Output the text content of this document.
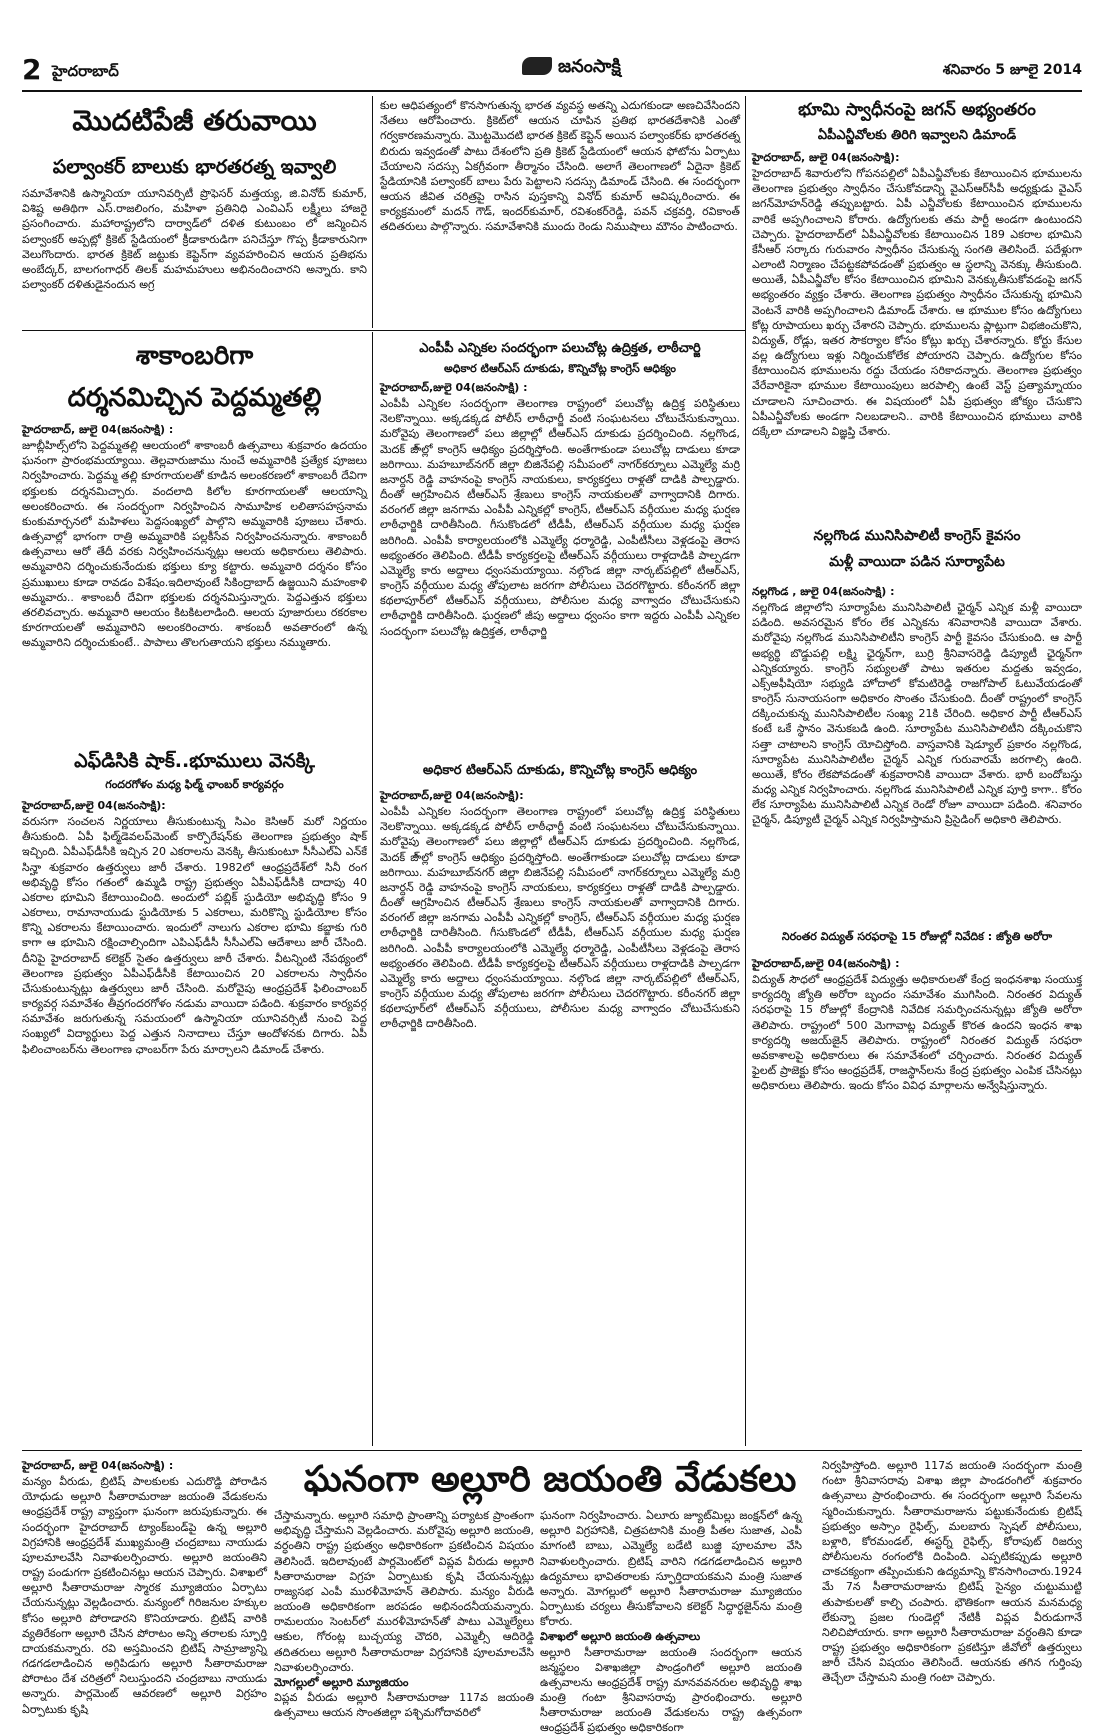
2 హైదరాబాద్	జనంసాక్షి	శనివారం 5 జూలై 2014
మొదటిపేజీ తరువాయి
పల్వాంకర్ బాలుకు భారతరత్న ఇవ్వాలి

సమావేశానికి ఉస్మానియా యూనివర్సిటీ ప్రొఫెసర్ మత్తయ్య, జి.వినోద్ కుమార్, విశిష్ట అతిథిగా ఎస్.రాజలింగం, మహిళా ప్రతినిధి ఎంవిఎస్ లక్ష్మీలు హాజరై ప్రసంగించారు. మహారాష్ట్రలోని దార్వాడ్‌లో దళిత కుటుంబం లో జన్మించిన పల్వాంకర్ అప్పట్లో క్రికెట్ స్టేడియంలో క్రీడాకారుడిగా పనిచేస్తూ గొప్ప క్రీడాకారునిగా వెలుగొందారు. భారత క్రికెట్ జట్టుకు కెప్టెన్‌గా వ్యవహరించిన ఆయన ప్రతిభను అంబేద్కర్, బాలగంగాధర్ తిలక్ మహమహులు అభినందించారని అన్నారు. కాని పల్వాంకర్ దళితుడైనందున అగ్ర

కుల ఆధిపత్యంలో కొనసాగుతున్న భారత వ్యవస్థ అతన్ని ఎదుగకుండా అణచివేసిందని నేతలు ఆరోపించారు. క్రికెట్‌లో ఆయన చూపిన ప్రతిభ భారతదేశానికి ఎంతో గర్వకారణమన్నారు. మొట్టమొదటి భారత క్రికెట్ కెప్టెన్ అయిన పల్వాంకర్‌కు భారతరత్న బిరుదు ఇవ్వడంతో పాటు దేశంలోని ప్రతి క్రికెట్ స్టేడియంలో ఆయన ఫోటోను ఏర్పాటు చేయాలని సదస్సు ఏకగ్రీవంగా తీర్మానం చేసింది. అలాగే తెలంగాణలో ఏదైనా క్రికెట్ స్టేడియానికి పల్వాంకర్ బాలు పేరు పెట్టాలని సదస్సు డిమాండ్ చేసింది. ఈ సందర్భంగా ఆయన జీవిత చరిత్రపై రాసిన పుస్తకాన్ని వినోద్ కుమార్ ఆవిష్కరించారు. ఈ కార్యక్రమంలో మదన్ గౌడ్, ఇందర్‌కుమార్, రవిశంకర్‌రెడ్డి, పవన్ చక్రవర్తి, రవికాంత్ తదితరులు పాల్గొన్నారు. సమావేశానికి ముందు రెండు నిముషాలు మౌనం పాటించారు.

భూమి స్వాధీనంపై జగన్ అభ్యంతరం
ఏపీఎన్జీవోలకు తిరిగి ఇవ్వాలని డిమాండ్
హైదరాబాద్, జులై 04(జనంసాక్షి):

హైదరాబాద్ శివారులోని గోపనపల్లిలో ఏపీఎన్జీవోలకు కేటాయించిన భూములను తెలంగాణ ప్రభుత్వం స్వాధీనం చేసుకోవడాన్ని వైఎస్ఆర్‌సీపీ అధ్యక్షుడు వైఎస్ జగన్‌మోహన్‌రెడ్డి తప్పుబట్టారు. ఏపీ ఎన్జీవోలకు కేటాయించిన భూములను వారికే అప్పగించాలని కోరారు. ఉద్యోగులకు తమ పార్టీ అండగా ఉంటుందని చెప్పారు. హైదరాబాద్‌లో ఏపీఎన్జీవోలకు కేటాయించిన 189 ఎకరాల భూమిని కేసీఆర్ సర్కారు గురువారం స్వాధీనం చేసుకున్న సంగతి తెలిసిందే. పదేళ్లుగా ఎలాంటి నిర్మాణం చేపట్టకపోవడంతో ప్రభుత్వం ఆ స్థలాన్ని వెనక్కు తీసుకుంది. అయితే, ఏపీఎన్జీవోల కోసం కేటాయించిన భూమిని వెనక్కుతీసుకోవడంపై జగన్ అభ్యంతరం వ్యక్తం చేశారు. తెలంగాణ ప్రభుత్వం స్వాధీనం చేసుకున్న భూమిని వెంటనే వారికి అప్పగించాలని డిమాండ్ చేశారు. ఆ భూముల కోసం ఉద్యోగులు కోట్ల రూపాయలు ఖర్చు చేశారని చెప్పారు. భూములను ప్లాట్లుగా విభజించుకొని, విద్యుత్, రోడ్లు, ఇతర సౌకర్యాల కోసం కోట్లు ఖర్చు చేశారన్నారు. కోర్టు కేసుల వల్ల ఉద్యోగులు ఇళ్లు నిర్మించుకోలేక పోయారని చెప్పారు. ఉద్యోగుల కోసం కేటాయించిన భూములను రద్దు చేయడం సరికాదన్నారు. తెలంగాణ ప్రభుత్వం వేరేవారికైనా భూముల కేటాయింపులు జరపాల్సి ఉంటే వెస్ట్ ప్రత్యామ్నాయం చూడాలని సూచించారు. ఈ విషయంలో ఏపీ ప్రభుత్వం జోక్యం చేసుకొని ఏపీఎన్జీవోలకు అండగా నిలబడాలని.. వారికి కేటాయించిన భూములు వారికి దక్కేలా చూడాలని విజ్ఞప్తి చేశారు.

శాకాంబరిగా
దర్శనమిచ్చిన పెద్దమ్మతల్లి
హైదరాబాద్, జులై 04(జనంసాక్షి) :

జూబ్లీహిల్స్‌లోని పెద్దమ్మతల్లి ఆలయంలో శాకాంబరీ ఉత్సవాలు శుక్రవారం ఉదయం ఘనంగా ప్రారంభమయ్యాయి. తెల్లవారుజాము నుంచే అమ్మవారికి ప్రత్యేక పూజలు నిర్వహించారు. పెద్దమ్మ తల్లి కూరగాయలతో కూడిన అలంకరణలో శాకాంబరీ దేవిగా భక్తులకు దర్శనమిచ్చారు. వందలాది కిలోల కూరగాయలతో ఆలయాన్ని అలంకరించారు. ఈ సందర్భంగా నిర్వహించిన సామూహిక లలితాసహస్రనామ కుంకుమార్చనలో మహిళలు పెద్దసంఖ్యలో పాల్గొని అమ్మవారికి పూజలు చేశారు. ఉత్సవాల్లో భాగంగా రాత్రి అమ్మవారికి పల్లకీసేవ నిర్వహించనున్నారు. శాకాంబరీ ఉత్సవాలు ఆరో తేదీ వరకు నిర్వహించనున్నట్లు ఆలయ అధికారులు తెలిపారు. అమ్మవారిని దర్శించుకునేందుకు భక్తులు క్యూ కట్టారు. అమ్మవారి దర్శనం కోసం ప్రముఖులు కూడా రావడం విశేషం.ఇదిలావుంటే సికింద్రాబాద్ ఉజ్జయిని మహంకాళి అమ్మవారు.. శాకాంబరీ దేవిగా భక్తులకు దర్శనమిస్తున్నారు. పెద్దఎత్తున భక్తులు తరలివచ్చారు. అమ్మవారి ఆలయం కిటకిటలాడింది. ఆలయ పూజారులు రకరకాల కూరగాయలతో అమ్మవారిని అలంకరించారు. శాకంబరీ అవతారంలో ఉన్న అమ్మవారిని దర్శించుకుంటే.. పాపాలు తొలగుతాయని భక్తులు నమ్ముతారు.

ఎంపీపీ ఎన్నికల సందర్భంగా పలుచోట్ల ఉద్రిక్తత, లాఠీచార్జి
అధికార టిఆర్ఎస్ దూకుడు, కొన్నిచోట్ల కాంగ్రెస్ ఆధిక్యం
హైదరాబాద్,జులై 04(జనంసాక్షి) :

ఎంపీపీ ఎన్నికల సందర్భంగా తెలంగాణ రాష్ట్రంలో పలుచోట్ల ఉద్రిక్త పరిస్థితులు నెలకొన్నాయి. అక్కడక్కడ పోలీస్ లాఠీఛార్జీ వంటి సంఘటనలు చోటుచేసుకున్నాయి. మరోవైపు తెలంగాణలో పలు జిల్లాల్లో టీఆర్ఎస్ దూకుడు ప్రదర్శించింది. నల్లగొండ, మెదక్ జి్‌ాల్లో కాంగ్రెస్ ఆధిక్యం ప్రదర్శిస్తోంది. అంతేగాకుండా పలుచోట్ల దాడులు కూడా జరిగాయి. మహబూబ్‌నగర్ జిల్లా బిజినేపల్లి సమీపంలో నాగర్‌కర్నూలు ఎమ్మెల్యే మర్రి జనార్దన్ రెడ్డి వాహనంపై కాంగ్రెస్ నాయకులు, కార్యకర్తలు రాళ్లతో దాడికి పాల్పడ్డారు. దీంతో ఆగ్రహించిన టీఆర్ఎస్ శ్రేణులు కాంగ్రెస్ నాయకులతో వాగ్వాదానికి దిగారు. వరంగల్ జిల్లా జనగామ ఎంపీపీ ఎన్నికల్లో కాంగ్రెస్, టీఆర్ఎస్ వర్గీయుల మధ్య ఘర్షణ లాఠీఛార్జికి దారితీసింది. గీసుకొండలో టీడీపీ, టీఆర్ఎస్ వర్గీయుల మధ్య ఘర్షణ జరిగింది. ఎంపీపీ కార్యాలయంలోకి ఎమ్మెల్యే ధర్మారెడ్డి, ఎంపీటీసీలు వెళ్లడంపై తెరాస అభ్యంతరం తెలిపింది. టీడీపీ కార్యకర్తలపై టీఆర్ఎస్ వర్గీయులు రాళ్లదాడికి పాల్పడగా ఎమ్మెల్యే కారు అద్దాలు ధ్వంసమయ్యాయి. నల్గొండ జిల్లా నార్కట్‌పల్లిలో టీఆర్ఎస్, కాంగ్రెస్ వర్గీయుల మధ్య తోపులాట జరగగా పోలీసులు చెదరగొట్టారు. కరీంనగర్ జిల్లా కథలాపూర్‌లో టీఆర్ఎస్ వర్గీయులు, పోలీసుల మధ్య వాగ్వాదం చోటుచేసుకుని లాఠీఛార్జికి దారితీసింది. ఘర్షణలో జీపు అద్దాలు ధ్వంసం కాగా ఇద్దరు ఎంపీపీ ఎన్నికల సందర్భంగా పలుచోట్ల ఉద్రిక్తత, లాఠీఛార్జి

ఎఫ్‌డిసికి షాక్..భూములు వెనక్కి
గందరగోళం మధ్య ఫిల్మ్ ఛాంబర్ కార్యవర్గం
హైదరాబాద్,జులై 04(జనంసాక్షి):

వరుసగా సంచలన నిర్ణయాలు తీసుకుంటున్న సిఎం కెసిఆర్ మరో నిర్ణయం తీసుకుంది. ఏపీ ఫిల్మ్‌డెవలప్‌మెంట్ కార్పొరేషన్‌కు తెలంగాణ ప్రభుత్వం షాక్ ఇచ్చింది. ఏపీఎఫ్‌డీసీకి ఇచ్చిన 20 ఎకరాలను వెనక్కి తీసుకుంటూ సీసీఎల్ఏ ఎన్‌కే సిన్హా శుక్రవారం ఉత్తర్వులు జారీ చేశారు. 1982లో ఆంధ్రప్రదేశ్‌లో సినీ రంగ అభివృద్ధి కోసం గతంలో ఉమ్మడి రాష్ట్ర ప్రభుత్వం ఏపీఎఫ్‌డీసీకి దాదాపు 40 ఎకరాల భూమిని కేటాయించింది. అందులో పబ్లిక్ స్టుడియో అభివృద్ధి కోసం 9 ఎకరాలు, రామానాయుడు స్టుడియోకు 5 ఎకరాలు, మరికొన్ని స్టుడియోల కోసం కొన్ని ఎకరాలను కేటాయించారు. ఇందులో నాలుగు ఎకరాల భూమి కబ్జాకు గురి కాగా ఆ భూమిని రక్షించాల్సిందిగా ఎపిఎఫ్‌డీసీ సీసీఎల్ఏ ఆదేశాలు జారీ చేసింది. దీనిపై హైదరాబాద్ కలెక్టర్ సైతం ఉత్తర్వులు జారీ చేశారు. వీటన్నింటి నేపథ్యంలో తెలంగాణ ప్రభుత్వం ఏపీఎఫ్‌డీసీకి కేటాయించిన 20 ఎకరాలను స్వాధీనం చేసుకుంటున్నట్లు ఉత్తర్వులు జారీ చేసింది. మరోవైపు ఆంధ్రప్రదేశ్ ఫిలించాంబర్ కార్యవర్గ సమావేశం తీవ్రగందరగోళం నడుమ వాయిదా పడింది. శుక్రవారం కార్యవర్గ సమావేశం జరుగుతున్న సమయంలో ఉస్మానియా యూనివర్సిటీ నుంచి పెద్ద సంఖ్యలో విద్యార్థులు పెద్ద ఎత్తున నినాదాలు చేస్తూ ఆందోళనకు దిగారు. ఏపీ ఫిలించాంబర్‌ను తెలంగాణ ఛాంబర్‌గా పేరు మార్చాలని డిమాండ్ చేశారు.

అధికార టిఆర్ఎస్ దూకుడు, కొన్నిచోట్ల కాంగ్రెస్ ఆధిక్యం
హైదరాబాద్,జులై 04(జనంసాక్షి):

ఎంపీపీ ఎన్నికల సందర్భంగా తెలంగాణ రాష్ట్రంలో పలుచోట్ల ఉద్రిక్త పరిస్థితులు నెలకొన్నాయి. అక్కడక్కడ పోలీస్ లాఠీఛార్జీ వంటి సంఘటనలు చోటుచేసుకున్నాయి. మరోవైపు తెలంగాణలో పలు జిల్లాల్లో టీఆర్ఎస్ దూకుడు ప్రదర్శించింది. నల్లగొండ, మెదక్ జి్‌ాల్లో కాంగ్రెస్ ఆధిక్యం ప్రదర్శిస్తోంది. అంతేగాకుండా పలుచోట్ల దాడులు కూడా జరిగాయి. మహబూబ్‌నగర్ జిల్లా బిజినేపల్లి సమీపంలో నాగర్‌కర్నూలు ఎమ్మెల్యే మర్రి జనార్దన్ రెడ్డి వాహనంపై కాంగ్రెస్ నాయకులు, కార్యకర్తలు రాళ్లతో దాడికి పాల్పడ్డారు. దీంతో ఆగ్రహించిన టీఆర్ఎస్ శ్రేణులు కాంగ్రెస్ నాయకులతో వాగ్వాదానికి దిగారు. వరంగల్ జిల్లా జనగామ ఎంపీపీ ఎన్నికల్లో కాంగ్రెస్, టీఆర్ఎస్ వర్గీయుల మధ్య ఘర్షణ లాఠీఛార్జికి దారితీసింది. గీసుకొండలో టీడీపీ, టీఆర్ఎస్ వర్గీయుల మధ్య ఘర్షణ జరిగింది. ఎంపీపీ కార్యాలయంలోకి ఎమ్మెల్యే ధర్మారెడ్డి, ఎంపీటీసీలు వెళ్లడంపై తెరాస అభ్యంతరం తెలిపింది. టీడీపీ కార్యకర్తలపై టీఆర్ఎస్ వర్గీయులు రాళ్లదాడికి పాల్పడగా ఎమ్మెల్యే కారు అద్దాలు ధ్వంసమయ్యాయి. నల్గొండ జిల్లా నార్కట్‌పల్లిలో టీఆర్ఎస్, కాంగ్రెస్ వర్గీయుల మధ్య తోపులాట జరగగా పోలీసులు చెదరగొట్టారు. కరీంనగర్ జిల్లా కథలాపూర్‌లో టీఆర్ఎస్ వర్గీయులు, పోలీసుల మధ్య వాగ్వాదం చోటుచేసుకుని లాఠీఛార్జికి దారితీసింది.

నల్లగొండ మునిసిపాలిటీ కాంగ్రెస్ కైవసం
మళ్లీ వాయిదా పడిన సూర్యాపేట
నల్లగొండ , జులై 04(జనంసాక్షి) :

నల్లగొండ జిల్లాలోని సూర్యాపేట మునిసిపాలిటీ ఛైర్మన్ ఎన్నిక మళ్లీ వాయిదా పడింది. అవసరమైన కోరం లేక ఎన్నికను శనివారానికి వాయిదా వేశారు. మరోవైపు నల్లగొండ మునిసిపాలిటీని కాంగ్రెస్ పార్టీ కైవసం చేసుకుంది. ఆ పార్టీ అభ్యర్థి బొడ్డుపల్లి లక్ష్మి ఛైర్మన్‌గా, బుర్రి శ్రీనివాసరెడ్డి డిప్యూటీ ఛైర్మన్‌గా ఎన్నికయ్యారు. కాంగ్రెస్ సభ్యులతో పాటు ఇతరుల మద్దతు ఇవ్వడం, ఎక్స్‌అఫీషియో సభ్యుడి హోదాలో కోమటిరెడ్డి రాజగోపాల్ ఓటువేయడంతో కాంగ్రెస్ సునాయసంగా అధికారం సొంతం చేసుకుంది. దీంతో రాష్ట్రంలో కాంగ్రెస్ దక్కించుకున్న మునిసిపాలిటీల సంఖ్య 21కి చేరింది. అధికార పార్టీ టీఆర్ఎస్ కంటే ఒకే స్థానం వెనుకబడి ఉంది. సూర్యాపేట మునిసిపాలిటీని దక్కించుకొని సత్తా చాటాలని కాంగ్రెస్ యోచిస్తోంది. వాస్తవానికి షెడ్యూల్ ప్రకారం నల్లగొండ, సూర్యాపేట మునిసిపాలిటీల చైర్మన్ ఎన్నిక గురువారమే జరగాల్సి ఉంది. అయితే, కోరం లేకపోవడంతో శుక్రవారానికి వాయిదా వేశారు. భారీ బందోబస్తు మధ్య ఎన్నిక నిర్వహించారు. నల్లగొండ మునిసిపాలిటీ ఎన్నిక పూర్తి కాగా.. కోరం లేక సూర్యాపేట మునిసిపాలిటీ ఎన్నిక రెండో రోజూ వాయిదా పడింది. శనివారం చైర్మన్, డిప్యూటీ చైర్మన్ ఎన్నిక నిర్వహిస్తామని ప్రిసైడింగ్ అధికారి తెలిపారు.

నిరంతర విద్యుత్ సరఫరాపై 15 రోజుల్లో నివేదిక : జ్యోతి అరోరా
హైదరాబాద్,జులై 04(జనంసాక్షి) :

విద్యుత్ సౌధలో ఆంధ్రప్రదేశ్ విద్యుత్తు అధికారులతో కేంద్ర ఇంధనశాఖ సంయుక్త కార్యదర్శి జ్యోతి అరోరా బృందం సమావేశం ముగిసింది. నిరంతర విద్యుత్ సరఫరాపై 15 రోజుల్లో కేంద్రానికి నివేదిక సమర్పించనున్నట్లు జ్యోతి అరోరా తెలిపారు. రాష్ట్రంలో 500 మెగావాట్ల విద్యుత్ కొరత ఉందని ఇంధన శాఖ కార్యదర్శి అజయ్‌జైన్ తెలిపారు. రాష్ట్రంలో నిరంతర విద్యుత్ సరఫరా అవకాశాలపై అధికారులు ఈ సమావేశంలో చర్చించారు. నిరంతర విద్యుత్ ఫైలట్ ప్రాజెక్టు కోసం ఆంధ్రప్రదేశ్, రాజస్థాన్‌లను కేంద్ర ప్రభుత్వం ఎంపిక చేసినట్లు అధికారులు తెలిపారు. ఇందు కోసం వివిధ మార్గాలను అన్వేషిస్తున్నారు.

ఘనంగా అల్లూరి జయంతి వేడుకలు
హైదరాబాద్, జులై 04(జనంసాక్షి) :

మన్యం వీరుడు, బ్రిటిష్ పాలకులకు ఎదురొడ్డి పోరాడిన యోధుడు అల్లూరి సీతారామరాజు జయంతి వేడుకలను ఆంధ్రప్రదేశ్ రాష్ట్ర వ్యాప్తంగా ఘనంగా జరుపుకున్నారు. ఈ సందర్భంగా హైదరాబాద్ ట్యాంక్‌బండ్‌పై ఉన్న అల్లూరి విగ్రహానికి ఆంధ్రప్రదేశ్ ముఖ్యమంత్రి చంద్రబాబు నాయుడు పూలమాలవేసి నివాళులర్పించారు. అల్లూరి జయంతిని రాష్ట్ర పండుగగా ప్రకటించినట్లు ఆయన చెప్పారు. విశాఖలో అల్లూరి సీతారామరాజు స్మారక మ్యూజియం ఏర్పాటు చేయనున్నట్లు వెల్లడించారు. మన్యంలో గిరిజనుల హక్కుల కోసం అల్లూరి పోరాడారని కొనియాడారు. బ్రిటిష్ వారికి వ్యతిరేకంగా అల్లూరి చేసిన పోరాటం అన్ని తరాలకు స్ఫూర్తి దాయకమన్నారు. రవి అస్తమించని బ్రిటిష్ సామ్రాజ్యాన్ని గడగడలాడించిన అగ్గిపిడుగు అల్లూరి సీతారామరాజు పోరాటం దేశ చరిత్రలో నిలుస్తుందని చంద్రబాబు నాయుడు అన్నారు. పార్లమెంట్ ఆవరణలో అల్లూరి విగ్రహం ఏర్పాటుకు కృషి

చేస్తామన్నారు. అల్లూరి సమాధి ప్రాంతాన్ని పర్యాటక ప్రాంతంగా అభివృద్ధి చేస్తామని వెల్లడించారు. మరోవైపు అల్లూరి జయంతి, వర్ధంతిని రాష్ట్ర ప్రభుత్వం అధికారికంగా ప్రకటించిన విషయం తెలిసిందే. ఇదిలావుంటే పార్లమెంట్‌లో విప్లవ వీరుడు అల్లూరి సీతారామరాజు విగ్రహ ఏర్పాటుకు కృషి చేయనున్నట్లు రాజ్యసభ ఎంపీ మురళీమోహన్ తెలిపారు. మన్యం వీరుడి జయంతి అధికారికంగా జరపడం అభినందనీయమన్నారు. రామలయం సెంటర్‌లో మురళీమోహన్‌తో పాటు ఎమ్మెల్యేలు ఆకుల, గోరంట్ల బుచ్చయ్య చౌదరి, ఎమ్మెల్సీ ఆదిరెడ్డి తదితరులు అల్లూరి సీతారామరాజు విగ్రహానికి పూలమాలవేసి నివాళులర్పించారు.

మోగల్లులో అల్లూరి మ్యూజియం

విప్లవ వీరుడు అల్లూరి సీతారామరాజు 117వ జయంతి ఉత్సవాలు ఆయన సొంతజిల్లా పశ్చిమగోదావరిలో

ఘనంగా నిర్వహించారు. ఏలూరు జ్యూట్‌మిల్లు జంక్షన్‌లో ఉన్న అల్లూరి విగ్రహానికి, చిత్రపటానికి మంత్రి పీతల సుజాత, ఎంపీ మాగంటి బాబు, ఎమ్మెల్యే బడేటి బుజ్జి పూలమాల వేసి నివాళులర్పించారు. బ్రిటిష్ వారిని గడగడలాడించిన అల్లూరి ఉద్యమాలు భావితరాలకు స్ఫూర్తిదాయకమని మంత్రి సుజాత అన్నారు. మోగల్లులో అల్లూరి సీతారామరాజు మ్యూజియం ఏర్పాటుకు చర్యలు తీసుకోవాలని కలెక్టర్ సిద్ధార్థజైన్‌ను మంత్రి కోరారు.

విశాఖలో అల్లూరి జయంతి ఉత్సవాలు

అల్లూరి సీతారామరాజు జయంతి సందర్భంగా ఆయన జన్మస్థలం విశాఖజిల్లా పాండ్రంగిలో అల్లూరి జయంతి ఉత్సవాలను ఆంధ్రప్రదేశ్ రాష్ట్ర మానవవనరుల అభివృద్ధి శాఖ మంత్రి గంటా శ్రీనివాసరావు ప్రారంభించారు. అల్లూరి సీతారామరాజు జయంతి వేడుకలను రాష్ట్ర ఉత్సవంగా ఆంధ్రప్రదేశ్ ప్రభుత్వం అధికారికంగా

నిర్వహిస్తోంది. అల్లూరి 117వ జయంతి సందర్భంగా మంత్రి గంటా శ్రీనివాసరావు విశాఖ జిల్లా పాండరంగిలో శుక్రవారం ఉత్సవాలు ప్రారంభించారు. ఈ సందర్భంగా అల్లూరి సేవలను స్మరించుకున్నారు. సీతారామరాజును పట్టుకునేందుకు బ్రిటిష్ ప్రభుత్వం అస్సాం రైఫిల్స్, మలబారు స్పెషల్ పోలీసులు, బళ్లారి, కోరమండల్, ఈస్టర్న్ రైఫిల్స్, కోరాపుట్ రిజర్వు పోలీసులను రంగంలోకి దింపింది. ఎప్పటికప్పుడు అల్లూరి చాకచక్యంగా తప్పించుకుని ఉద్యమాన్ని కొనసాగించారు.1924 మే 7న సీతారామరాజును బ్రిటిష్ సైన్యం చుట్టుముట్టి తుపాకులతో కాల్చి చంపారు. భౌతికంగా ఆయన మనమధ్య లేకున్నా ప్రజల గుండెల్లో నేటికీ విప్లవ వీరుడుగానే నిలిచిపోయారు. కాగా అల్లూరి సీతారామరాజు వర్ధంతిని కూడా రాష్ట్ర ప్రభుత్వం అధికారికంగా ప్రకటిస్తూ జీవోలో ఉత్తర్వులు జారీ చేసిన విషయం తెలిసిందే. ఆయనకు తగిన గుర్తింపు తెచ్చేలా చేస్తామని మంత్రి గంటా చెప్పారు.
